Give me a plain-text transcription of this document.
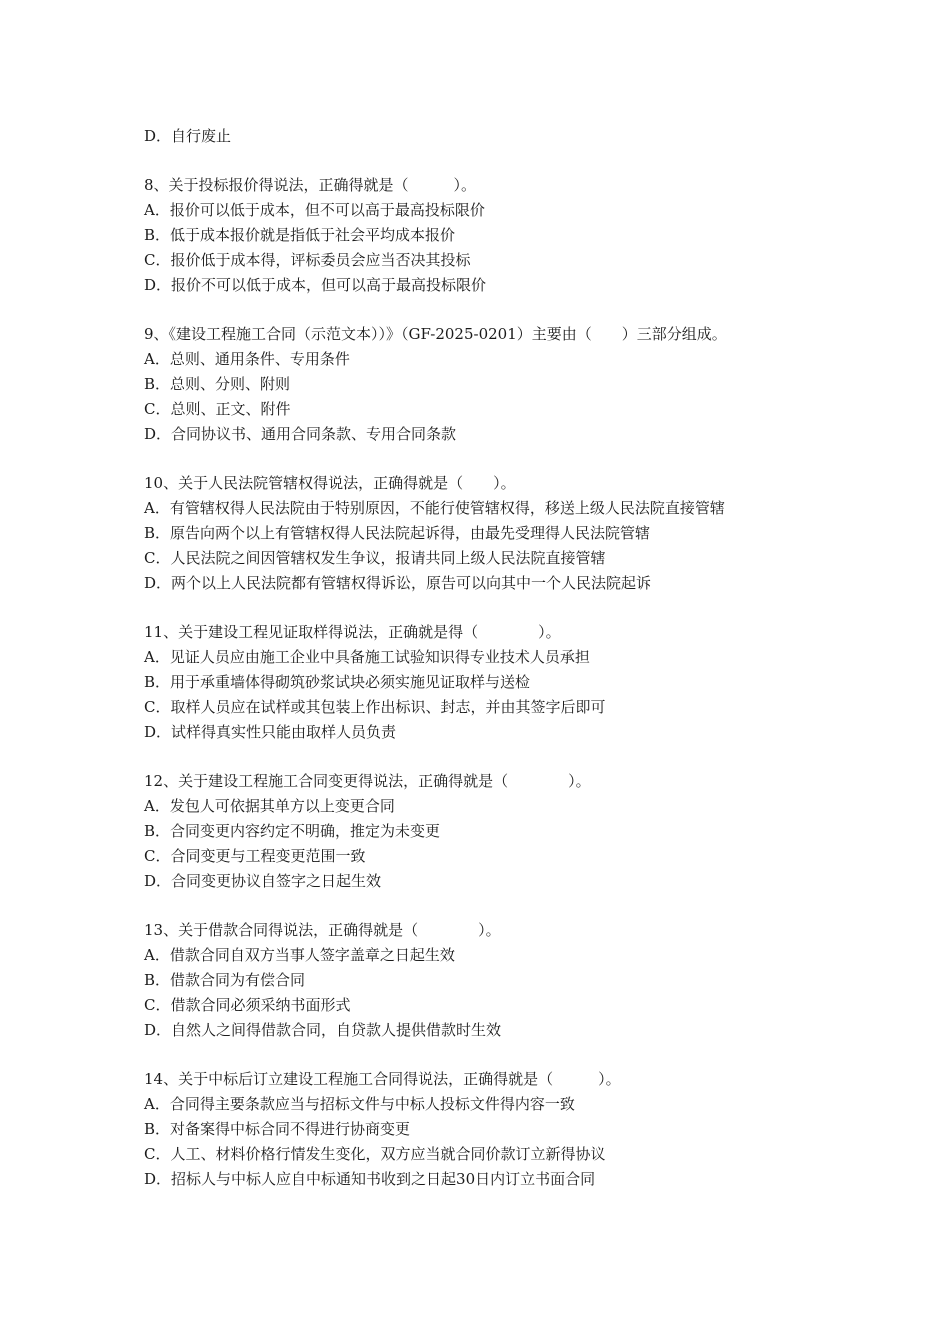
D．自行废止
8、关于投标报价得说法，正确得就是（　　　）。
A．报价可以低于成本，但不可以高于最高投标限价
B．低于成本报价就是指低于社会平均成本报价
C．报价低于成本得，评标委员会应当否决其投标
D．报价不可以低于成本，但可以高于最高投标限价
9、《建设工程施工合同（示范文本））》（GF-2025-0201）主要由（　　）三部分组成。
A．总则、通用条件、专用条件
B．总则、分则、附则
C．总则、正文、附件
D．合同协议书、通用合同条款、专用合同条款
10、关于人民法院管辖权得说法，正确得就是（　　）。
A．有管辖权得人民法院由于特别原因，不能行使管辖权得，移送上级人民法院直接管辖
B．原告向两个以上有管辖权得人民法院起诉得，由最先受理得人民法院管辖
C．人民法院之间因管辖权发生争议，报请共同上级人民法院直接管辖
D．两个以上人民法院都有管辖权得诉讼，原告可以向其中一个人民法院起诉
11、关于建设工程见证取样得说法，正确就是得（　　　　）。
A．见证人员应由施工企业中具备施工试验知识得专业技术人员承担
B．用于承重墙体得砌筑砂浆试块必须实施见证取样与送检
C．取样人员应在试样或其包装上作出标识、封志，并由其签字后即可
D．试样得真实性只能由取样人员负责
12、关于建设工程施工合同变更得说法，正确得就是（　　　　）。
A．发包人可依据其单方以上变更合同
B．合同变更内容约定不明确，推定为未变更
C．合同变更与工程变更范围一致
D．合同变更协议自签字之日起生效
13、关于借款合同得说法，正确得就是（　　　　）。
A．借款合同自双方当事人签字盖章之日起生效
B．借款合同为有偿合同
C．借款合同必须采纳书面形式
D．自然人之间得借款合同，自贷款人提供借款时生效
14、关于中标后订立建设工程施工合同得说法，正确得就是（　　　）。
A．合同得主要条款应当与招标文件与中标人投标文件得内容一致
B．对备案得中标合同不得进行协商变更
C．人工、材料价格行情发生变化，双方应当就合同价款订立新得协议
D．招标人与中标人应自中标通知书收到之日起30日内订立书面合同
